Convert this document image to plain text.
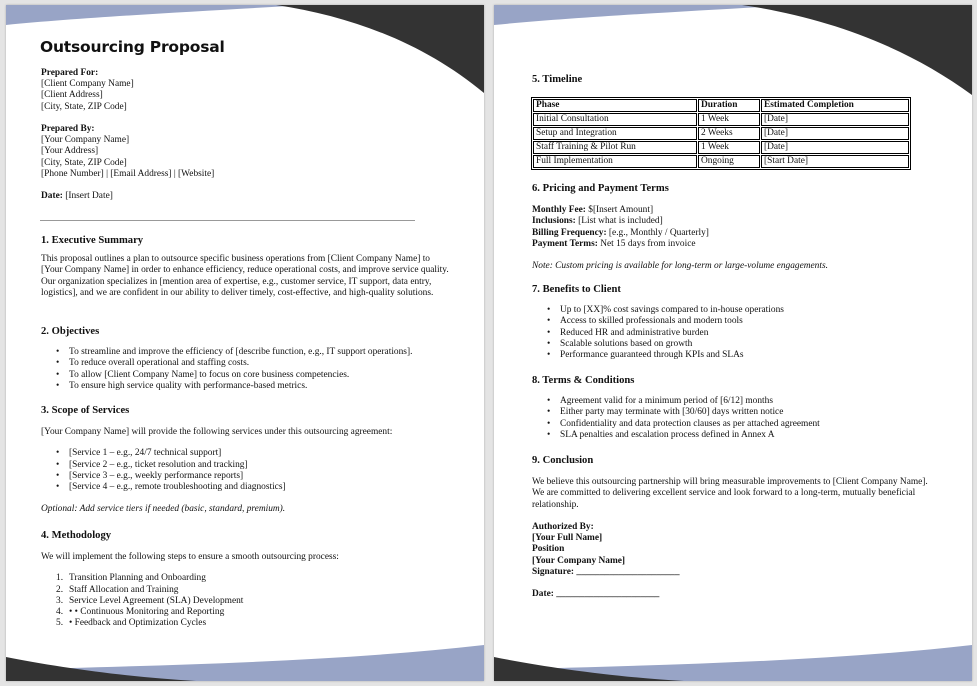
Outsourcing Proposal

Prepared For:

[Client Company Name]

[Client Address]

[City, State, ZIP Code]

Prepared By:

[Your Company Name]

[Your Address]

[City, State, ZIP Code]

[Phone Number] | [Email Address] | [Website]

Date: [Insert Date]

1. Executive Summary

This proposal outlines a plan to outsource specific business operations from [Client Company Name] to [Your Company Name] in order to enhance efficiency, reduce operational costs, and improve service quality. Our organization specializes in [mention area of expertise, e.g., customer service, IT support, data entry, logistics], and we are confident in our ability to deliver timely, cost-effective, and high-quality solutions.

2. Objectives

• To streamline and improve the efficiency of [describe function, e.g., IT support operations].
• To reduce overall operational and staffing costs.
• To allow [Client Company Name] to focus on core business competencies.
• To ensure high service quality with performance-based metrics.

3. Scope of Services

[Your Company Name] will provide the following services under this outsourcing agreement:

• [Service 1 – e.g., 24/7 technical support]
• [Service 2 – e.g., ticket resolution and tracking]
• [Service 3 – e.g., weekly performance reports]
• [Service 4 – e.g., remote troubleshooting and diagnostics]

Optional: Add service tiers if needed (basic, standard, premium).

4. Methodology

We will implement the following steps to ensure a smooth outsourcing process:

1. Transition Planning and Onboarding
2. Staff Allocation and Training
3. Service Level Agreement (SLA) Development
4. • • Continuous Monitoring and Reporting
5. • Feedback and Optimization Cycles

5. Timeline

Phase	Duration	Estimated Completion
Initial Consultation	1 Week	[Date]
Setup and Integration	2 Weeks	[Date]
Staff Training & Pilot Run	1 Week	[Date]
Full Implementation	Ongoing	[Start Date]

6. Pricing and Payment Terms

Monthly Fee: $[Insert Amount]

Inclusions: [List what is included]

Billing Frequency: [e.g., Monthly / Quarterly]

Payment Terms: Net 15 days from invoice

Note: Custom pricing is available for long-term or large-volume engagements.

7. Benefits to Client

• Up to [XX]% cost savings compared to in-house operations
• Access to skilled professionals and modern tools
• Reduced HR and administrative burden
• Scalable solutions based on growth
• Performance guaranteed through KPIs and SLAs

8. Terms & Conditions

• Agreement valid for a minimum period of [6/12] months
• Either party may terminate with [30/60] days written notice
• Confidentiality and data protection clauses as per attached agreement
• SLA penalties and escalation process defined in Annex A

9. Conclusion

We believe this outsourcing partnership will bring measurable improvements to [Client Company Name]. We are committed to delivering excellent service and look forward to a long-term, mutually beneficial relationship.

Authorized By:

[Your Full Name]

Position

[Your Company Name]

Signature: ______________________

Date: ______________________
